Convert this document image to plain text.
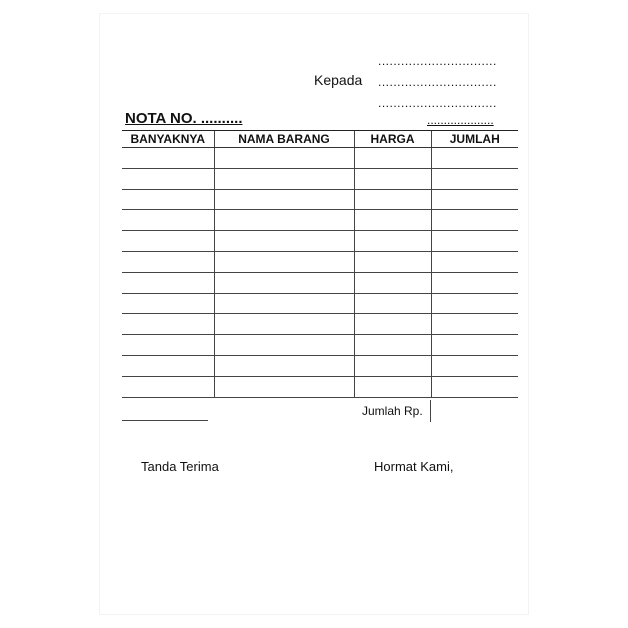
...............................
Kepada ...............................
...............................
NOTA NO. ..........	....................
BANYAKNYA	NAMA BARANG	HARGA	JUMLAH

Jumlah Rp.
Tanda Terima	Hormat Kami,
